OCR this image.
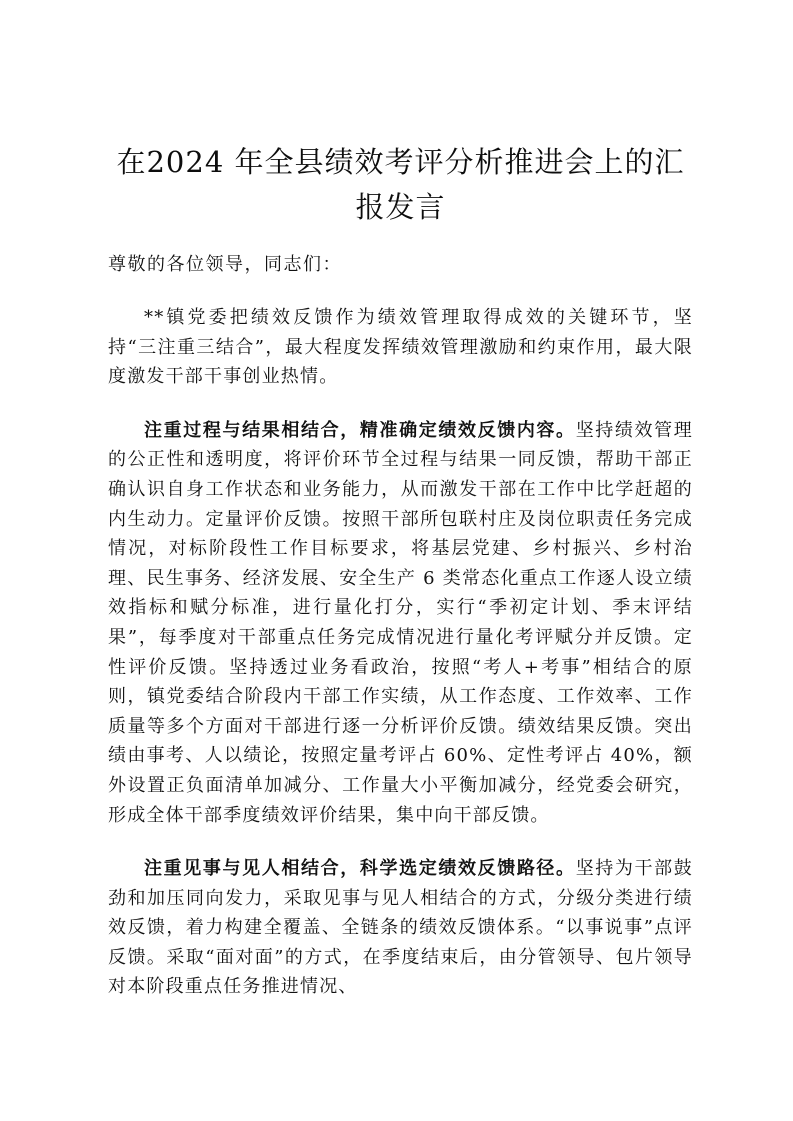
在2024 年全县绩效考评分析推进会上的汇报发言

尊敬的各位领导，同志们：

**镇党委把绩效反馈作为绩效管理取得成效的关键环节，坚持“三注重三结合”，最大程度发挥绩效管理激励和约束作用，最大限度激发干部干事创业热情。

注重过程与结果相结合，精准确定绩效反馈内容。坚持绩效管理的公正性和透明度，将评价环节全过程与结果一同反馈，帮助干部正确认识自身工作状态和业务能力，从而激发干部在工作中比学赶超的内生动力。定量评价反馈。按照干部所包联村庄及岗位职责任务完成情况，对标阶段性工作目标要求，将基层党建、乡村振兴、乡村治理、民生事务、经济发展、安全生产 6 类常态化重点工作逐人设立绩效指标和赋分标准，进行量化打分，实行“季初定计划、季末评结果”，每季度对干部重点任务完成情况进行量化考评赋分并反馈。定性评价反馈。坚持透过业务看政治，按照“考人+考事”相结合的原则，镇党委结合阶段内干部工作实绩，从工作态度、工作效率、工作质量等多个方面对干部进行逐一分析评价反馈。绩效结果反馈。突出绩由事考、人以绩论，按照定量考评占 60%、定性考评占 40%，额外设置正负面清单加减分、工作量大小平衡加减分，经党委会研究，形成全体干部季度绩效评价结果，集中向干部反馈。

注重见事与见人相结合，科学选定绩效反馈路径。坚持为干部鼓劲和加压同向发力，采取见事与见人相结合的方式，分级分类进行绩效反馈，着力构建全覆盖、全链条的绩效反馈体系。“以事说事”点评反馈。采取“面对面”的方式，在季度结束后，由分管领导、包片领导对本阶段重点任务推进情况、
